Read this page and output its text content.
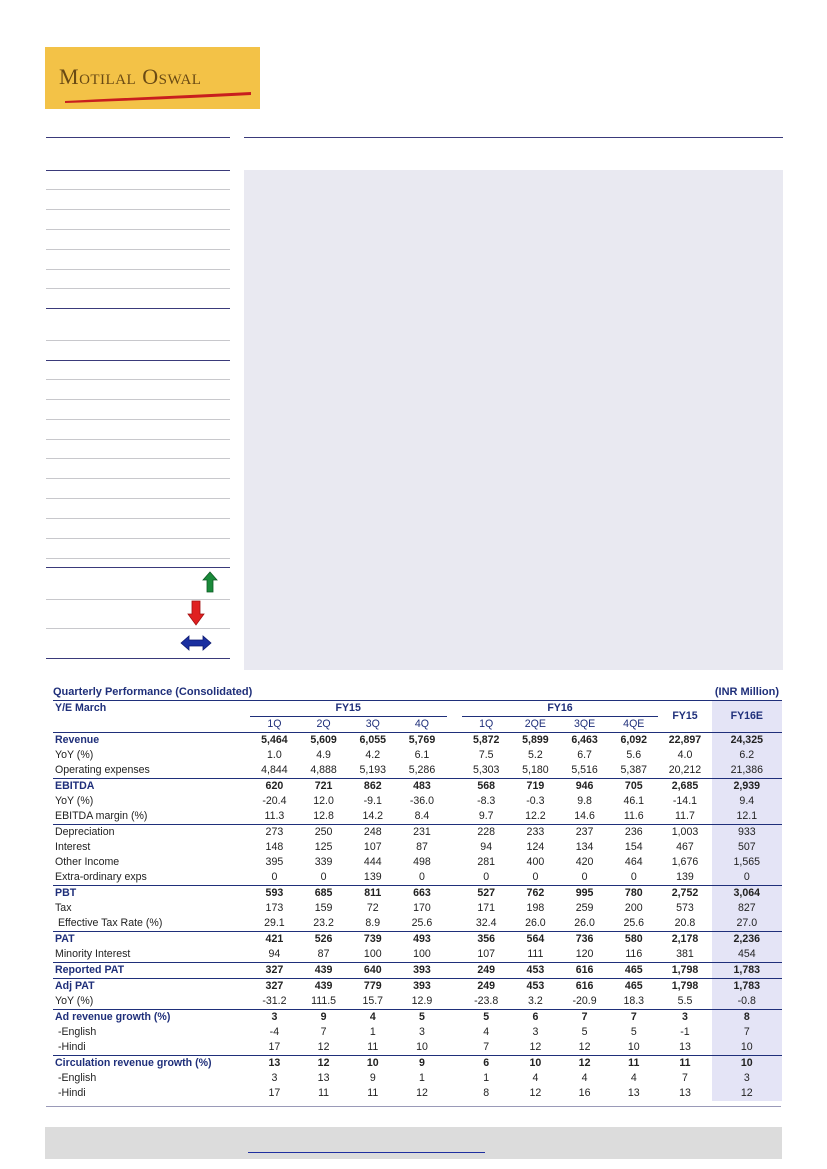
MOTILAL OSWAL
Quarterly Performance (Consolidated)	(INR Million)
Y/E March	FY15					FY16				FY15	FY16E
	1Q	2Q	3Q	4Q		1Q	2QE	3QE	4QE		
Revenue	5,464	5,609	6,055	5,769		5,872	5,899	6,463	6,092	22,897	24,325
YoY (%)	1.0	4.9	4.2	6.1		7.5	5.2	6.7	5.6	4.0	6.2
Operating expenses	4,844	4,888	5,193	5,286		5,303	5,180	5,516	5,387	20,212	21,386
EBITDA	620	721	862	483		568	719	946	705	2,685	2,939
YoY (%)	-20.4	12.0	-9.1	-36.0		-8.3	-0.3	9.8	46.1	-14.1	9.4
EBITDA margin (%)	11.3	12.8	14.2	8.4		9.7	12.2	14.6	11.6	11.7	12.1
Depreciation	273	250	248	231		228	233	237	236	1,003	933
Interest	148	125	107	87		94	124	134	154	467	507
Other Income	395	339	444	498		281	400	420	464	1,676	1,565
Extra-ordinary exps	0	0	139	0		0	0	0	0	139	0
PBT	593	685	811	663		527	762	995	780	2,752	3,064
Tax	173	159	72	170		171	198	259	200	573	827
Effective Tax Rate (%)	29.1	23.2	8.9	25.6		32.4	26.0	26.0	25.6	20.8	27.0
PAT	421	526	739	493		356	564	736	580	2,178	2,236
Minority Interest	94	87	100	100		107	111	120	116	381	454
Reported PAT	327	439	640	393		249	453	616	465	1,798	1,783
Adj PAT	327	439	779	393		249	453	616	465	1,798	1,783
YoY (%)	-31.2	111.5	15.7	12.9		-23.8	3.2	-20.9	18.3	5.5	-0.8
Ad revenue growth (%)	3	9	4	5		5	6	7	7	3	8
-English	-4	7	1	3		4	3	5	5	-1	7
-Hindi	17	12	11	10		7	12	12	10	13	10
Circulation revenue growth (%)	13	12	10	9		6	10	12	11	11	10
-English	3	13	9	1		1	4	4	4	7	3
-Hindi	17	11	11	12		8	12	16	13	13	12
